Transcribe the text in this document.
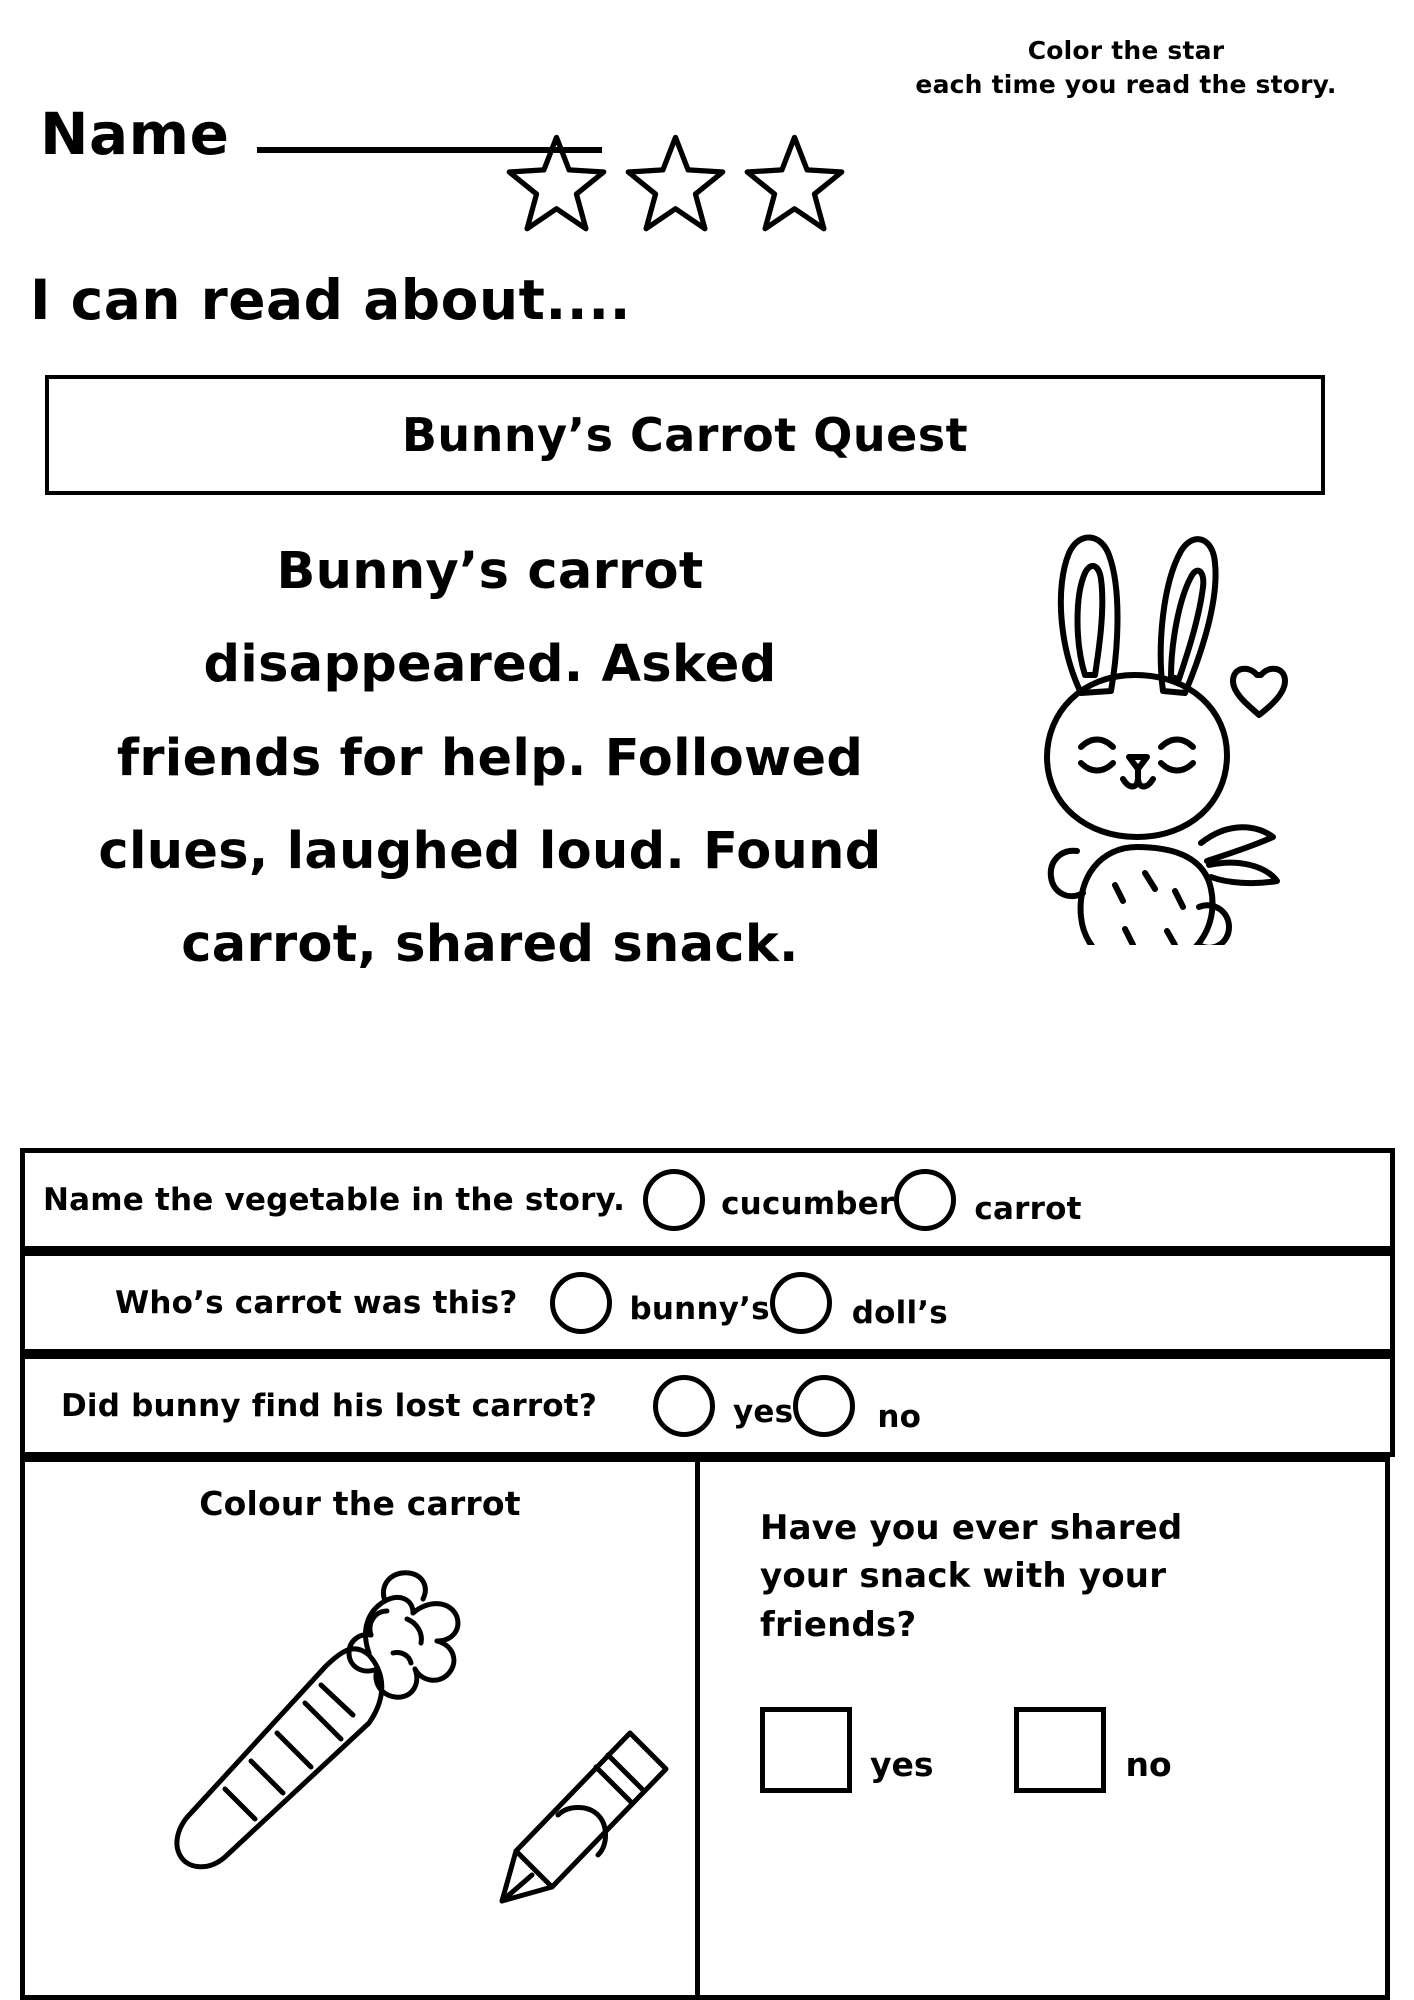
Color the star
each time you read the story.
Name
I can read about....
Bunny’s Carrot Quest
Bunny’s carrot
disappeared. Asked
friends for help. Followed
clues, laughed loud. Found
carrot, shared snack.
Name the vegetable in the story.	cucumber	carrot
Who’s carrot was this?	bunny’s	doll’s
Did bunny find his lost carrot?	yes	no
Colour the carrot
Have you ever shared
your snack with your
friends?
yes	no
